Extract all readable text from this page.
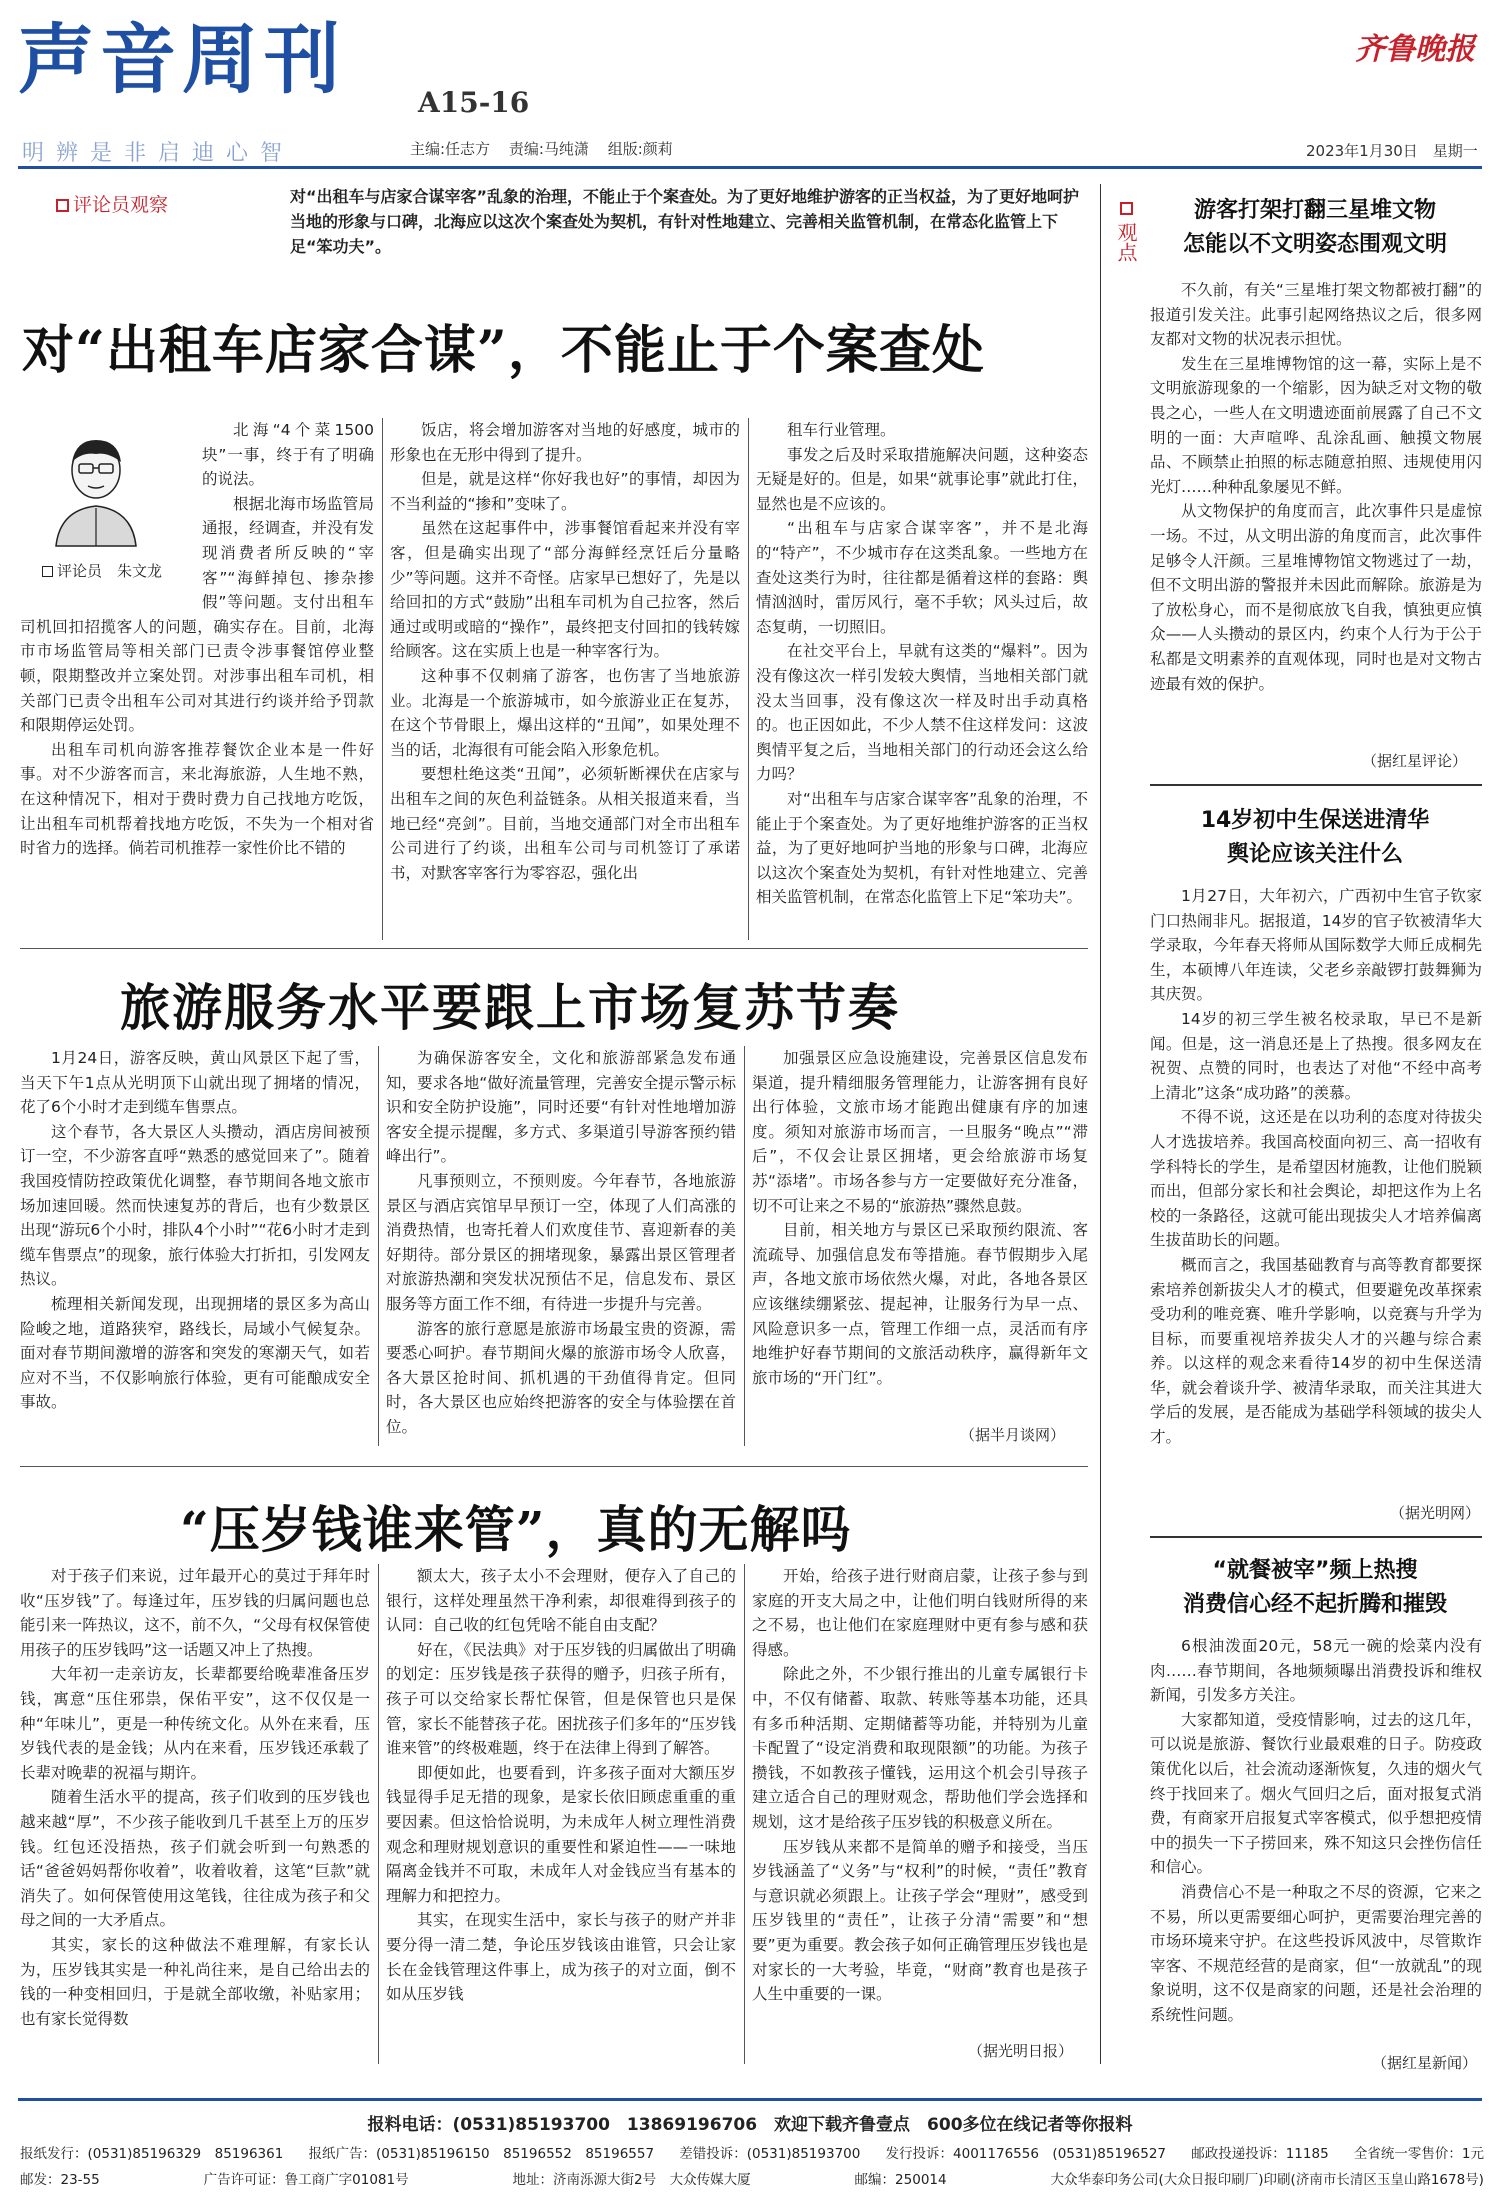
声音周刊	A15-16
明辨是非启迪心智	主编:任志方 责编:马纯潇 组版:颜莉
齐鲁晚报
2023年1月30日　星期一
评论员观察	对“出租车与店家合谋宰客”乱象的治理，不能止于个案查处。为了更好地维护游客的正当权益，为了更好地呵护当地的形象与口碑，北海应以这次个案查处为契机，有针对性地建立、完善相关监管机制，在常态化监管上下足“笨功夫”。
对“出租车店家合谋”，不能止于个案查处
评论员　朱文龙

北海“4个菜1500块”一事，终于有了明确的说法。

根据北海市场监管局通报，经调查，并没有发现消费者所反映的“宰客”“海鲜掉包、掺杂掺假”等问题。支付出租车司机回扣招揽客人的问题，确实存在。目前，北海市市场监管局等相关部门已责令涉事餐馆停业整顿，限期整改并立案处罚。对涉事出租车司机，相关部门已责令出租车公司对其进行约谈并给予罚款和限期停运处罚。

出租车司机向游客推荐餐饮企业本是一件好事。对不少游客而言，来北海旅游，人生地不熟，在这种情况下，相对于费时费力自己找地方吃饭，让出租车司机帮着找地方吃饭，不失为一个相对省时省力的选择。倘若司机推荐一家性价比不错的

饭店，将会增加游客对当地的好感度，城市的形象也在无形中得到了提升。

但是，就是这样“你好我也好”的事情，却因为不当利益的“掺和”变味了。

虽然在这起事件中，涉事餐馆看起来并没有宰客，但是确实出现了“部分海鲜经烹饪后分量略少”等问题。这并不奇怪。店家早已想好了，先是以给回扣的方式“鼓励”出租车司机为自己拉客，然后通过或明或暗的“操作”，最终把支付回扣的钱转嫁给顾客。这在实质上也是一种宰客行为。

这种事不仅刺痛了游客，也伤害了当地旅游业。北海是一个旅游城市，如今旅游业正在复苏，在这个节骨眼上，爆出这样的“丑闻”，如果处理不当的话，北海很有可能会陷入形象危机。

要想杜绝这类“丑闻”，必须斩断裸伏在店家与出租车之间的灰色利益链条。从相关报道来看，当地已经“亮剑”。目前，当地交通部门对全市出租车公司进行了约谈，出租车公司与司机签订了承诺书，对默客宰客行为零容忍，强化出

租车行业管理。

事发之后及时采取措施解决问题，这种姿态无疑是好的。但是，如果“就事论事”就此打住，显然也是不应该的。

“出租车与店家合谋宰客”，并不是北海的“特产”，不少城市存在这类乱象。一些地方在查处这类行为时，往往都是循着这样的套路：舆情汹汹时，雷厉风行，毫不手软；风头过后，故态复萌，一切照旧。

在社交平台上，早就有这类的“爆料”。因为没有像这次一样引发较大舆情，当地相关部门就没太当回事，没有像这次一样及时出手动真格的。也正因如此，不少人禁不住这样发问：这波舆情平复之后，当地相关部门的行动还会这么给力吗？

对“出租车与店家合谋宰客”乱象的治理，不能止于个案查处。为了更好地维护游客的正当权益，为了更好地呵护当地的形象与口碑，北海应以这次个案查处为契机，有针对性地建立、完善相关监管机制，在常态化监管上下足“笨功夫”。

旅游服务水平要跟上市场复苏节奏

1月24日，游客反映，黄山风景区下起了雪，当天下午1点从光明顶下山就出现了拥堵的情况，花了6个小时才走到缆车售票点。

这个春节，各大景区人头攒动，酒店房间被预订一空，不少游客直呼“熟悉的感觉回来了”。随着我国疫情防控政策优化调整，春节期间各地文旅市场加速回暖。然而快速复苏的背后，也有少数景区出现“游玩6个小时，排队4个小时”“花6小时才走到缆车售票点”的现象，旅行体验大打折扣，引发网友热议。

梳理相关新闻发现，出现拥堵的景区多为高山险峻之地，道路狭窄，路线长，局域小气候复杂。面对春节期间激增的游客和突发的寒潮天气，如若应对不当，不仅影响旅行体验，更有可能酿成安全事故。

为确保游客安全，文化和旅游部紧急发布通知，要求各地“做好流量管理，完善安全提示警示标识和安全防护设施”，同时还要“有针对性地增加游客安全提示提醒，多方式、多渠道引导游客预约错峰出行”。

凡事预则立，不预则废。今年春节，各地旅游景区与酒店宾馆早早预订一空，体现了人们高涨的消费热情，也寄托着人们欢度佳节、喜迎新春的美好期待。部分景区的拥堵现象，暴露出景区管理者对旅游热潮和突发状况预估不足，信息发布、景区服务等方面工作不细，有待进一步提升与完善。

游客的旅行意愿是旅游市场最宝贵的资源，需要悉心呵护。春节期间火爆的旅游市场令人欣喜，各大景区抢时间、抓机遇的干劲值得肯定。但同时，各大景区也应始终把游客的安全与体验摆在首位。

加强景区应急设施建设，完善景区信息发布渠道，提升精细服务管理能力，让游客拥有良好出行体验，文旅市场才能跑出健康有序的加速度。须知对旅游市场而言，一旦服务“晚点”“滞后”，不仅会让景区拥堵，更会给旅游市场复苏“添堵”。市场各参与方一定要做好充分准备，切不可让来之不易的“旅游热”骤然息鼓。

目前，相关地方与景区已采取预约限流、客流疏导、加强信息发布等措施。春节假期步入尾声，各地文旅市场依然火爆，对此，各地各景区应该继续绷紧弦、提起神，让服务行为早一点、风险意识多一点，管理工作细一点，灵活而有序地维护好春节期间的文旅活动秩序，赢得新年文旅市场的“开门红”。

（据半月谈网）
“压岁钱谁来管”，真的无解吗

对于孩子们来说，过年最开心的莫过于拜年时收“压岁钱”了。每逢过年，压岁钱的归属问题也总能引来一阵热议，这不，前不久，“父母有权保管使用孩子的压岁钱吗”这一话题又冲上了热搜。

大年初一走亲访友，长辈都要给晚辈准备压岁钱，寓意“压住邪祟，保佑平安”，这不仅仅是一种“年味儿”，更是一种传统文化。从外在来看，压岁钱代表的是金钱；从内在来看，压岁钱还承载了长辈对晚辈的祝福与期许。

随着生活水平的提高，孩子们收到的压岁钱也越来越“厚”，不少孩子能收到几千甚至上万的压岁钱。红包还没捂热，孩子们就会听到一句熟悉的话“爸爸妈妈帮你收着”，收着收着，这笔“巨款”就消失了。如何保管使用这笔钱，往往成为孩子和父母之间的一大矛盾点。

其实，家长的这种做法不难理解，有家长认为，压岁钱其实是一种礼尚往来，是自己给出去的钱的一种变相回归，于是就全部收缴，补贴家用；也有家长觉得数

额太大，孩子太小不会理财，便存入了自己的银行，这样处理虽然干净利索，却很难得到孩子的认同：自己收的红包凭啥不能自由支配？

好在，《民法典》对于压岁钱的归属做出了明确的划定：压岁钱是孩子获得的赠予，归孩子所有，孩子可以交给家长帮忙保管，但是保管也只是保管，家长不能替孩子花。困扰孩子们多年的“压岁钱谁来管”的终极难题，终于在法律上得到了解答。

即便如此，也要看到，许多孩子面对大额压岁钱显得手足无措的现象，是家长依旧顾虑重重的重要因素。但这恰恰说明，为未成年人树立理性消费观念和理财规划意识的重要性和紧迫性——一味地隔离金钱并不可取，未成年人对金钱应当有基本的理解力和把控力。

其实，在现实生活中，家长与孩子的财产并非要分得一清二楚，争论压岁钱该由谁管，只会让家长在金钱管理这件事上，成为孩子的对立面，倒不如从压岁钱

开始，给孩子进行财商启蒙，让孩子参与到家庭的开支大局之中，让他们明白钱财所得的来之不易，也让他们在家庭理财中更有参与感和获得感。

除此之外，不少银行推出的儿童专属银行卡中，不仅有储蓄、取款、转账等基本功能，还具有多币种活期、定期储蓄等功能，并特别为儿童卡配置了“设定消费和取现限额”的功能。为孩子攒钱，不如教孩子懂钱，运用这个机会引导孩子建立适合自己的理财观念，帮助他们学会选择和规划，这才是给孩子压岁钱的积极意义所在。

压岁钱从来都不是简单的赠予和接受，当压岁钱涵盖了“义务”与“权利”的时候，“责任”教育与意识就必须跟上。让孩子学会“理财”，感受到压岁钱里的“责任”，让孩子分清“需要”和“想要”更为重要。教会孩子如何正确管理压岁钱也是对家长的一大考验，毕竟，“财商”教育也是孩子人生中重要的一课。

（据光明日报）
观点
游客打架打翻三星堆文物
怎能以不文明姿态围观文明

不久前，有关“三星堆打架文物都被打翻”的报道引发关注。此事引起网络热议之后，很多网友都对文物的状况表示担忧。

发生在三星堆博物馆的这一幕，实际上是不文明旅游现象的一个缩影，因为缺乏对文物的敬畏之心，一些人在文明遗迹面前展露了自己不文明的一面：大声喧哗、乱涂乱画、触摸文物展品、不顾禁止拍照的标志随意拍照、违规使用闪光灯……种种乱象屡见不鲜。

从文物保护的角度而言，此次事件只是虚惊一场。不过，从文明出游的角度而言，此次事件足够令人汗颜。三星堆博物馆文物逃过了一劫，但不文明出游的警报并未因此而解除。旅游是为了放松身心，而不是彻底放飞自我，慎独更应慎众——人头攒动的景区内，约束个人行为于公于私都是文明素养的直观体现，同时也是对文物古迹最有效的保护。

（据红星评论）
14岁初中生保送进清华
舆论应该关注什么

1月27日，大年初六，广西初中生官子钦家门口热闹非凡。据报道，14岁的官子钦被清华大学录取，今年春天将师从国际数学大师丘成桐先生，本硕博八年连读，父老乡亲敲锣打鼓舞狮为其庆贺。

14岁的初三学生被名校录取，早已不是新闻。但是，这一消息还是上了热搜。很多网友在祝贺、点赞的同时，也表达了对他“不经中高考上清北”这条“成功路”的羡慕。

不得不说，这还是在以功利的态度对待拔尖人才选拔培养。我国高校面向初三、高一招收有学科特长的学生，是希望因材施教，让他们脱颖而出，但部分家长和社会舆论，却把这作为上名校的一条路径，这就可能出现拔尖人才培养偏离生拔苗助长的问题。

概而言之，我国基础教育与高等教育都要探索培养创新拔尖人才的模式，但要避免改革探索受功利的唯竞赛、唯升学影响，以竞赛与升学为目标，而要重视培养拔尖人才的兴趣与综合素养。以这样的观念来看待14岁的初中生保送清华，就会着谈升学、被清华录取，而关注其进大学后的发展，是否能成为基础学科领域的拔尖人才。

（据光明网）
“就餐被宰”频上热搜
消费信心经不起折腾和摧毁

6根油泼面20元，58元一碗的烩菜内没有肉……春节期间，各地频频曝出消费投诉和维权新闻，引发多方关注。

大家都知道，受疫情影响，过去的这几年，可以说是旅游、餐饮行业最艰难的日子。防疫政策优化以后，社会流动逐渐恢复，久违的烟火气终于找回来了。烟火气回归之后，面对报复式消费，有商家开启报复式宰客模式，似乎想把疫情中的损失一下子捞回来，殊不知这只会挫伤信任和信心。

消费信心不是一种取之不尽的资源，它来之不易，所以更需要细心呵护，更需要治理完善的市场环境来守护。在这些投诉风波中，尽管欺诈宰客、不规范经营的是商家，但“一放就乱”的现象说明，这不仅是商家的问题，还是社会治理的系统性问题。

（据红星新闻）
报料电话：(0531)85193700　13869196706　欢迎下载齐鲁壹点　600多位在线记者等你报料
报纸发行：(0531)85196329　85196361 报纸广告：(0531)85196150　85196552　85196557 差错投诉：(0531)85193700 发行投诉：4001176556　(0531)85196527 邮政投递投诉：11185 全省统一零售价：1元
邮发：23-55	广告许可证：鲁工商广字01081号	地址：济南泺源大街2号　大众传媒大厦	邮编：250014	大众华泰印务公司(大众日报印刷厂)印刷(济南市长清区玉皇山路1678号)
